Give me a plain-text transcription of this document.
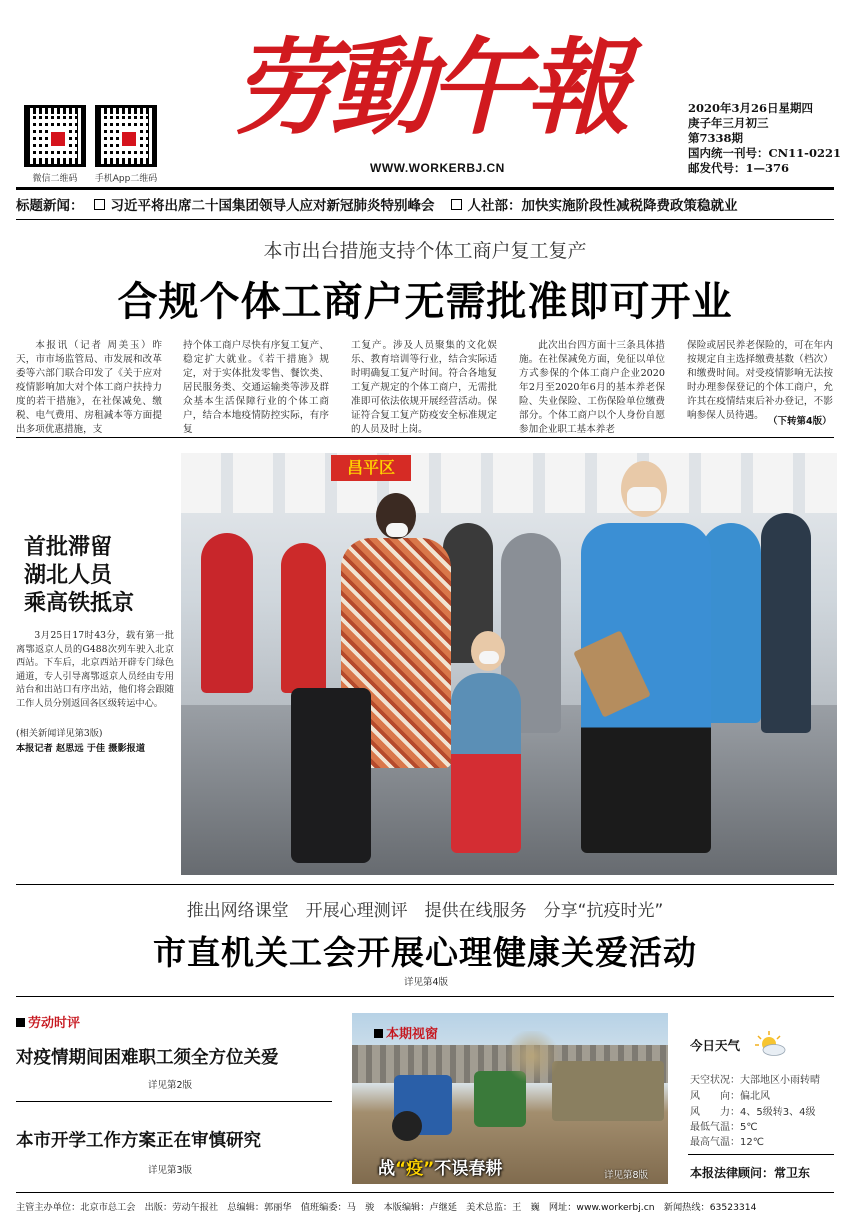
微信二维码	手机App二维码
劳動午報
WWW.WORKERBJ.CN
2020年3月26日星期四
庚子年三月初三
第7338期
国内统一刊号：CN11-0221
邮发代号：1—376
标题新闻： 习近平将出席二十国集团领导人应对新冠肺炎特别峰会 人社部：加快实施阶段性减税降费政策稳就业
本市出台措施支持个体工商户复工复产
合规个体工商户无需批准即可开业
本报讯（记者 周美玉）昨天，市市场监管局、市发展和改革委等六部门联合印发了《关于应对疫情影响加大对个体工商户扶持力度的若干措施》，在社保减免、缴税、电气费用、房租减本等方面提出多项优惠措施，支
持个体工商户尽快有序复工复产、稳定扩大就业。《若干措施》规定，对于实体批发零售、餐饮类、居民服务类、交通运输类等涉及群众基本生活保障行业的个体工商户，结合本地疫情防控实际，有序复
工复产。涉及人员聚集的文化娱乐、教育培训等行业，结合实际适时明确复工复产时间。符合各地复工复产规定的个体工商户，无需批准即可依法依规开展经营活动。保证符合复工复产防疫安全标准规定的人员及时上岗。
此次出台四方面十三条具体措施。在社保减免方面，免征以单位方式参保的个体工商户企业2020年2月至2020年6月的基本养老保险、失业保险、工伤保险单位缴费部分。个体工商户以个人身份自愿参加企业职工基本养老
保险或居民养老保险的，可在年内按规定自主选择缴费基数（档次）和缴费时间。对受疫情影响无法按时办理参保登记的个体工商户，允许其在疫情结束后补办登记，不影响参保人员待遇。
（下转第4版）
首批滞留
湖北人员
乘高铁抵京
3月25日17时43分，载有第一批离鄂返京人员的G488次列车驶入北京西站。下车后，北京西站开辟专门绿色通道，专人引导离鄂返京人员经由专用站台和出站口有序出站，他们将会跟随工作人员分别返回各区级转运中心。
(相关新闻详见第3版)
本报记者 赵思远 于佳 摄影报道
昌平区
推出网络课堂　开展心理测评　提供在线服务　分享“抗疫时光”
市直机关工会开展心理健康关爱活动
详见第4版
劳动时评
对疫情期间困难职工须全方位关爱
详见第2版
本市开学工作方案正在审慎研究
详见第3版
本期视窗
战“疫”不误春耕	详见第8版
今日天气
天空状况：大部地区小雨转晴
风　　向：偏北风
风　　力：4、5级转3、4级
最低气温：5℃
最高气温：12℃
本报法律顾问：常卫东
主管主办单位：北京市总工会　出版：劳动午报社　总编辑：郭丽华　值班编委：马　骏　本版编辑：卢继延　美术总监：王　巍　网址：www.workerbj.cn　新闻热线：63523314
